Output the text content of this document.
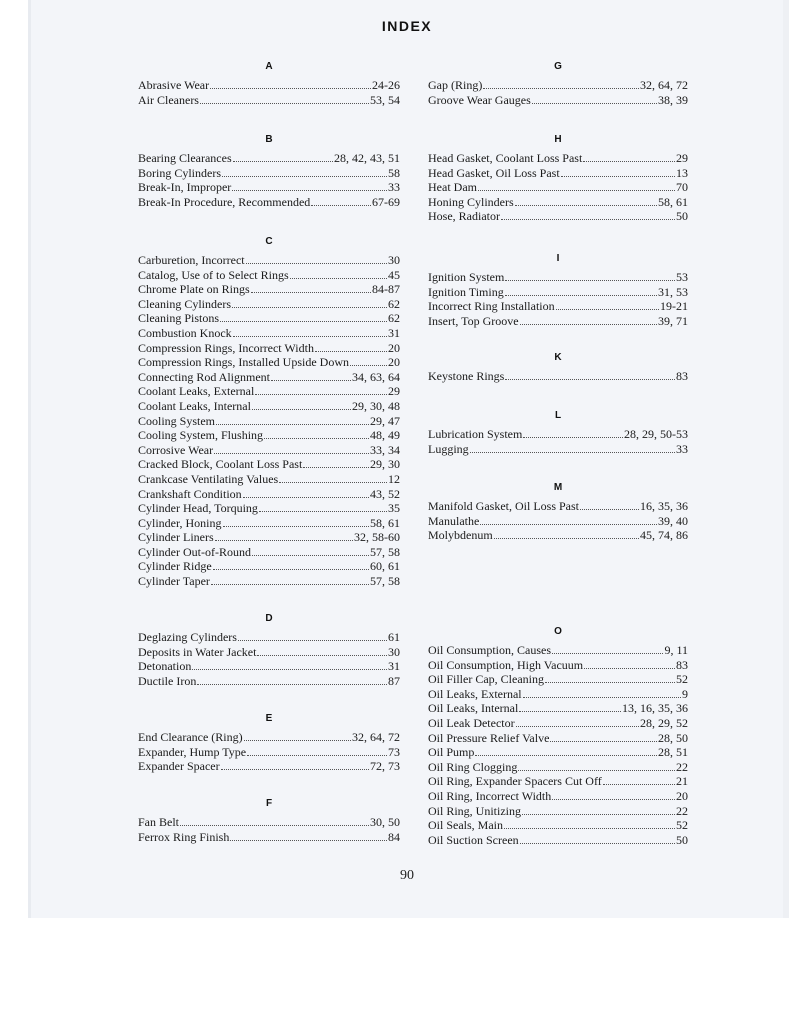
INDEX
A
Abrasive Wear	24-26
Air Cleaners	53, 54
B
Bearing Clearances	28, 42, 43, 51
Boring Cylinders	58
Break-In, Improper	33
Break-In Procedure, Recommended	67-69
C
Carburetion, Incorrect	30
Catalog, Use of to Select Rings	45
Chrome Plate on Rings	84-87
Cleaning Cylinders	62
Cleaning Pistons	62
Combustion Knock	31
Compression Rings, Incorrect Width	20
Compression Rings, Installed Upside Down	20
Connecting Rod Alignment	34, 63, 64
Coolant Leaks, External	29
Coolant Leaks, Internal	29, 30, 48
Cooling System	29, 47
Cooling System, Flushing	48, 49
Corrosive Wear	33, 34
Cracked Block, Coolant Loss Past	29, 30
Crankcase Ventilating Values	12
Crankshaft Condition	43, 52
Cylinder Head, Torquing	35
Cylinder, Honing	58, 61
Cylinder Liners	32, 58-60
Cylinder Out-of-Round	57, 58
Cylinder Ridge	60, 61
Cylinder Taper	57, 58
D
Deglazing Cylinders	61
Deposits in Water Jacket	30
Detonation	31
Ductile Iron	87
E
End Clearance (Ring)	32, 64, 72
Expander, Hump Type	73
Expander Spacer	72, 73
F
Fan Belt	30, 50
Ferrox Ring Finish	84
G
Gap (Ring)	32, 64, 72
Groove Wear Gauges	38, 39
H
Head Gasket, Coolant Loss Past	29
Head Gasket, Oil Loss Past	13
Heat Dam	70
Honing Cylinders	58, 61
Hose, Radiator	50
I
Ignition System	53
Ignition Timing	31, 53
Incorrect Ring Installation	19-21
Insert, Top Groove	39, 71
K
Keystone Rings	83
L
Lubrication System	28, 29, 50-53
Lugging	33
M
Manifold Gasket, Oil Loss Past	16, 35, 36
Manulathe	39, 40
Molybdenum	45, 74, 86
O
Oil Consumption, Causes	9, 11
Oil Consumption, High Vacuum	83
Oil Filler Cap, Cleaning	52
Oil Leaks, External	9
Oil Leaks, Internal	13, 16, 35, 36
Oil Leak Detector	28, 29, 52
Oil Pressure Relief Valve	28, 50
Oil Pump	28, 51
Oil Ring Clogging	22
Oil Ring, Expander Spacers Cut Off	21
Oil Ring, Incorrect Width	20
Oil Ring, Unitizing	22
Oil Seals, Main	52
Oil Suction Screen	50
90
